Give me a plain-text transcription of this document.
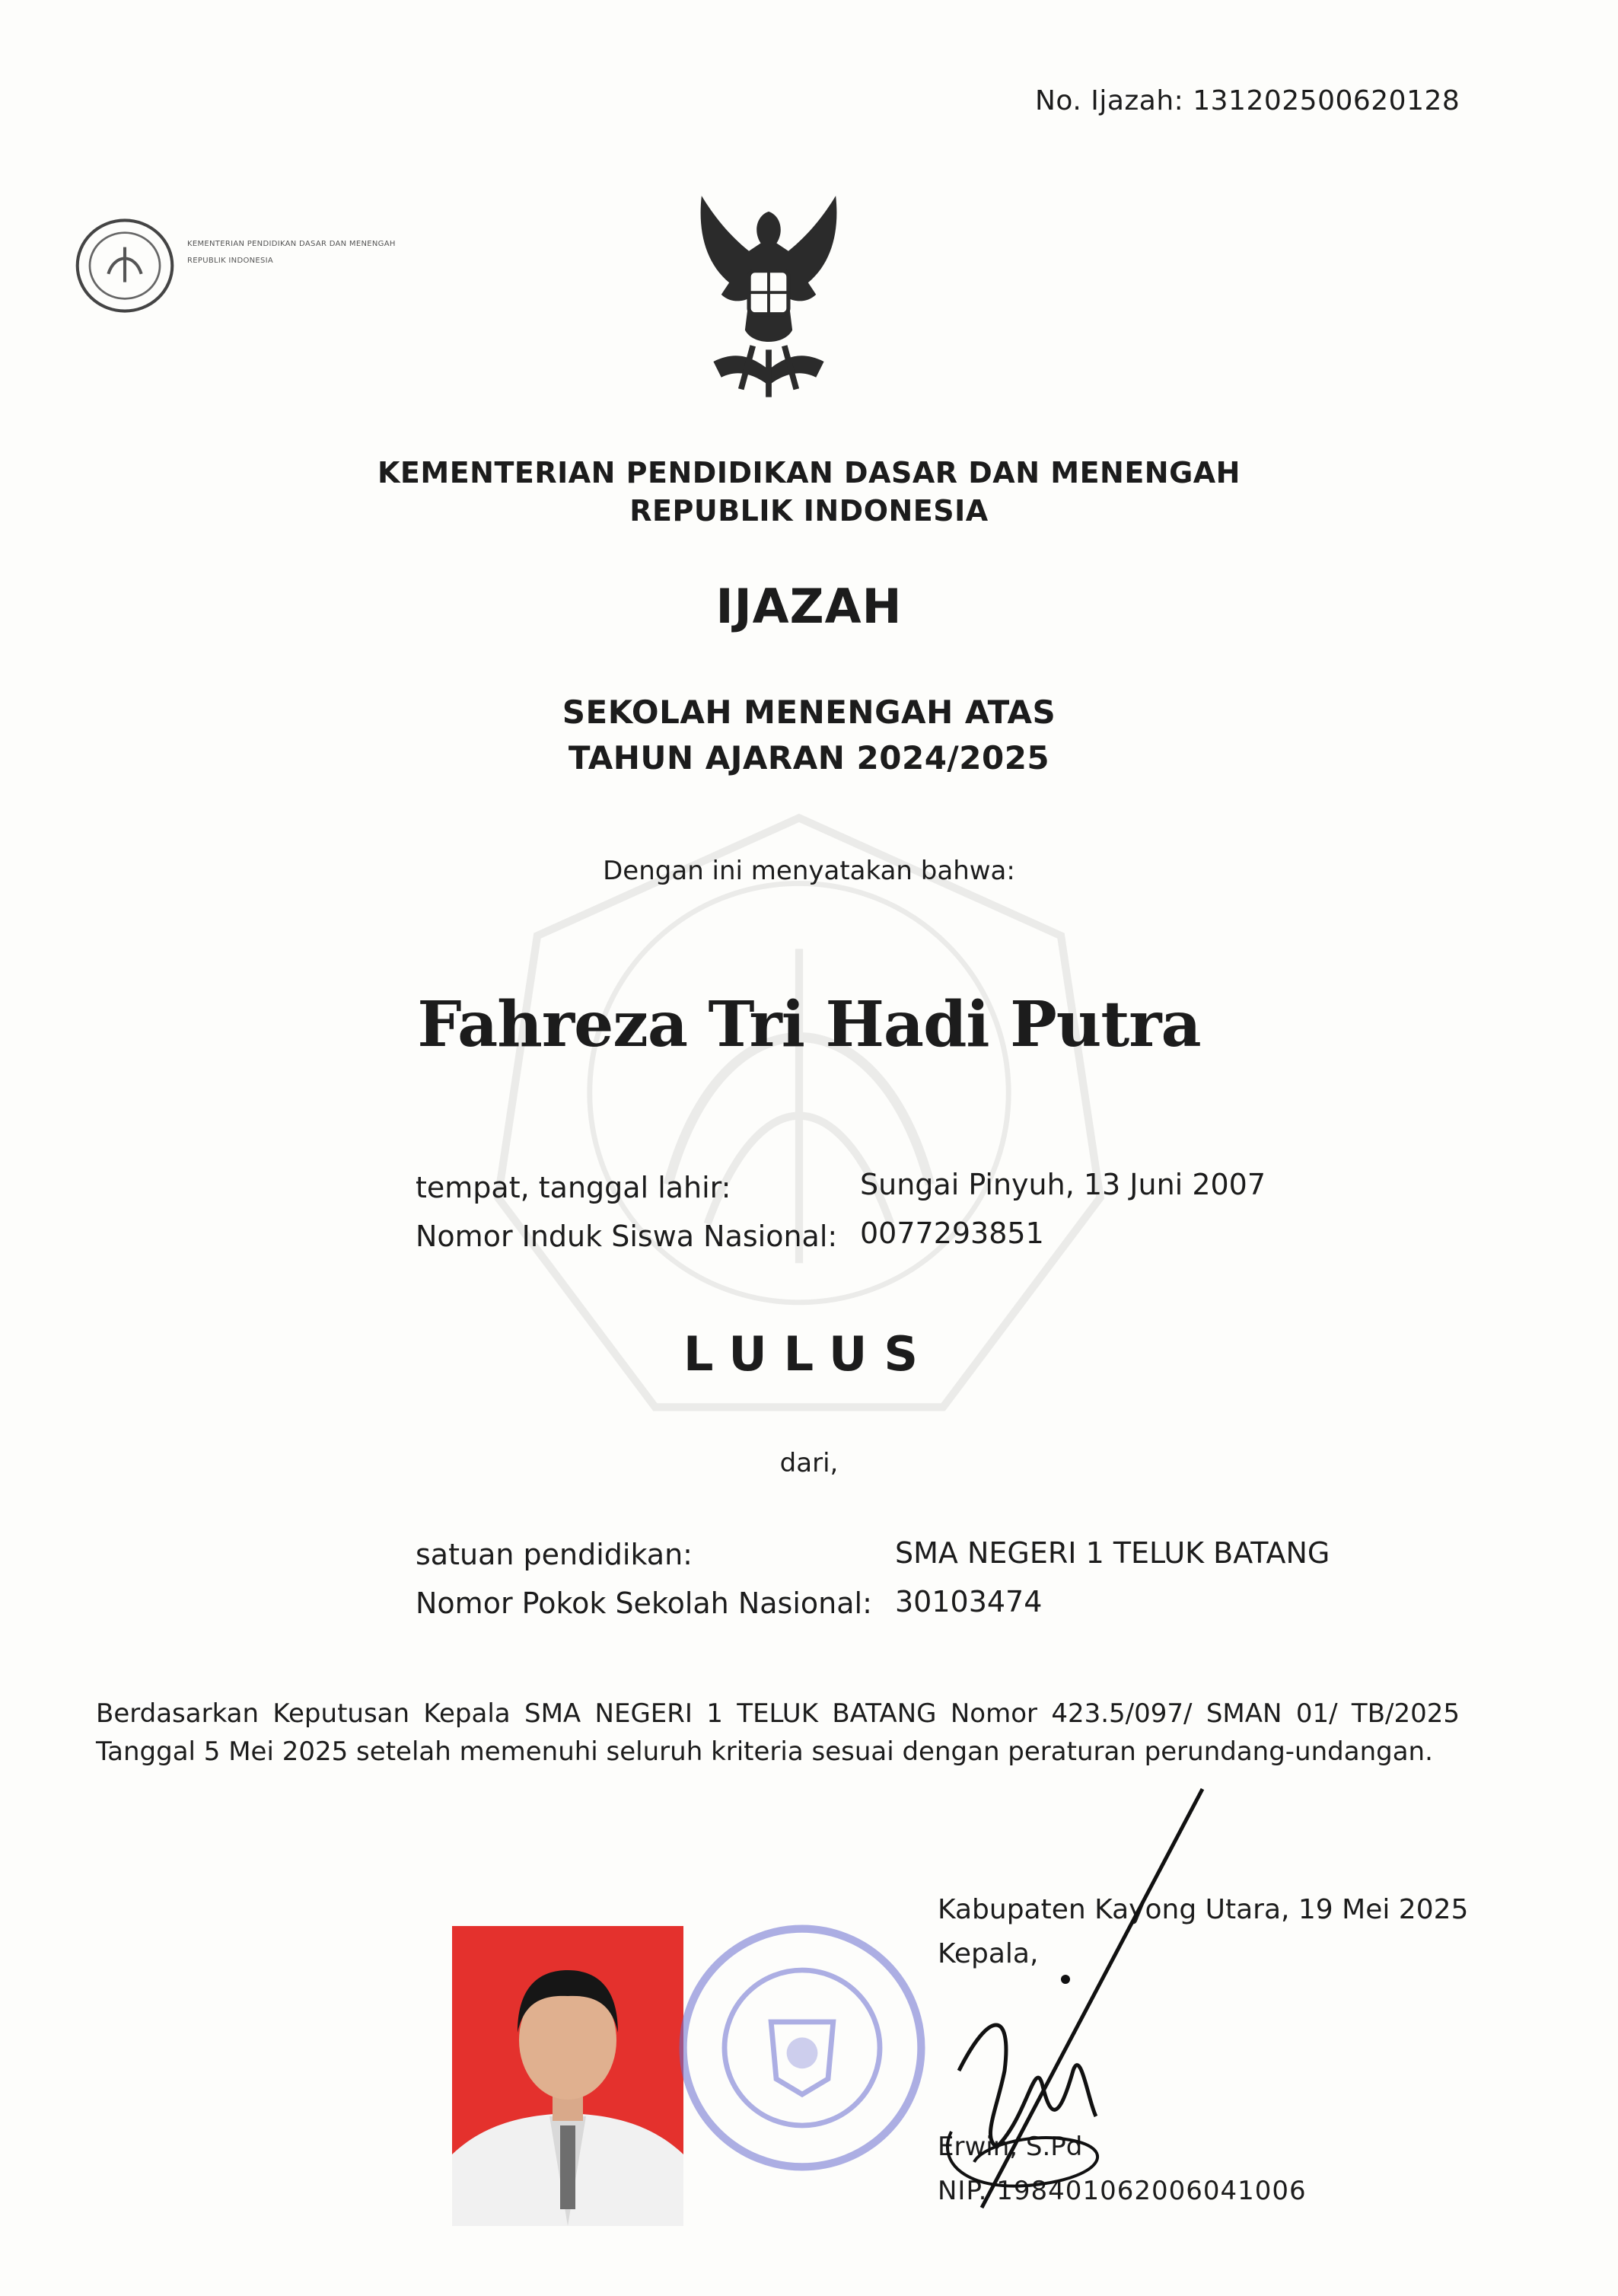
No. Ijazah: 131202500620128
KEMENTERIAN PENDIDIKAN DASAR DAN MENENGAH
REPUBLIK INDONESIA
KEMENTERIAN PENDIDIKAN DASAR DAN MENENGAH
REPUBLIK INDONESIA
IJAZAH
SEKOLAH MENENGAH ATAS
TAHUN AJARAN 2024/2025
Dengan ini menyatakan bahwa:
Fahreza Tri Hadi Putra
tempat, tanggal lahir:	Sungai Pinyuh, 13 Juni 2007
Nomor Induk Siswa Nasional: 0077293851
LULUS
dari,
satuan pendidikan:	SMA NEGERI 1 TELUK BATANG
Nomor Pokok Sekolah Nasional: 30103474
Berdasarkan Keputusan Kepala SMA NEGERI 1 TELUK BATANG Nomor 423.5/097/ SMAN 01/ TB/2025 Tanggal 5 Mei 2025 setelah memenuhi seluruh kriteria sesuai dengan peraturan perundang-undangan.
Kabupaten Kayong Utara, 19 Mei 2025
Kepala,
Erwin, S.Pd
NIP. 198401062006041006
